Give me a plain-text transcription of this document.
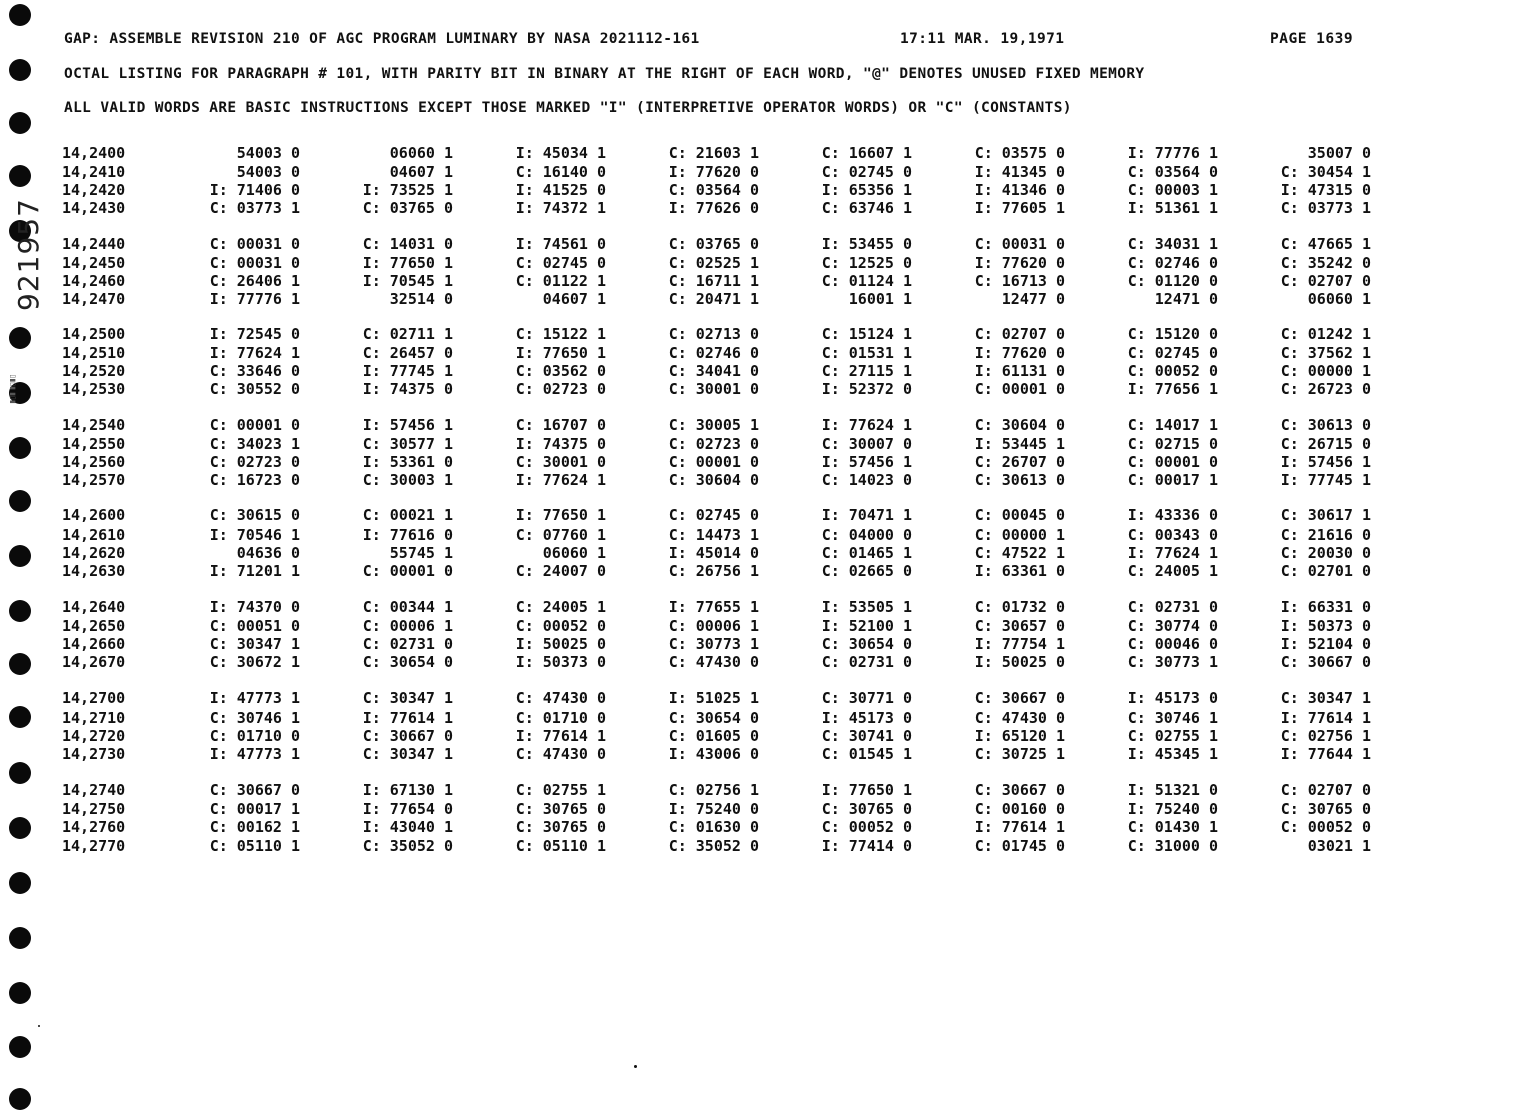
921957
▮▯▮ ▮▯▮▯
GAP: ASSEMBLE REVISION 210 OF AGC PROGRAM LUMINARY BY NASA 2021112-161	17:11 MAR. 19,1971	PAGE 1639
OCTAL LISTING FOR PARAGRAPH # 101, WITH PARITY BIT IN BINARY AT THE RIGHT OF EACH WORD, "@" DENOTES UNUSED FIXED MEMORY
ALL VALID WORDS ARE BASIC INSTRUCTIONS EXCEPT THOSE MARKED "I" (INTERPRETIVE OPERATOR WORDS) OR "C" (CONSTANTS)
14,2400	54003 0	06060 1	I: 45034 1	C: 21603 1	C: 16607 1	C: 03575 0	I: 77776 1	35007 0
14,2410	54003 0	04607 1	C: 16140 0	I: 77620 0	C: 02745 0	I: 41345 0	C: 03564 0	C: 30454 1
14,2420	I: 71406 0	I: 73525 1	I: 41525 0	C: 03564 0	I: 65356 1	I: 41346 0	C: 00003 1	I: 47315 0
14,2430	C: 03773 1	C: 03765 0	I: 74372 1	I: 77626 0	C: 63746 1	I: 77605 1	I: 51361 1	C: 03773 1
14,2440	C: 00031 0	C: 14031 0	I: 74561 0	C: 03765 0	I: 53455 0	C: 00031 0	C: 34031 1	C: 47665 1
14,2450	C: 00031 0	I: 77650 1	C: 02745 0	C: 02525 1	C: 12525 0	I: 77620 0	C: 02746 0	C: 35242 0
14,2460	C: 26406 1	I: 70545 1	C: 01122 1	C: 16711 1	C: 01124 1	C: 16713 0	C: 01120 0	C: 02707 0
14,2470	I: 77776 1	32514 0	04607 1	C: 20471 1	16001 1	12477 0	12471 0	06060 1
14,2500	I: 72545 0	C: 02711 1	C: 15122 1	C: 02713 0	C: 15124 1	C: 02707 0	C: 15120 0	C: 01242 1
14,2510	I: 77624 1	C: 26457 0	I: 77650 1	C: 02746 0	C: 01531 1	I: 77620 0	C: 02745 0	C: 37562 1
14,2520	C: 33646 0	I: 77745 1	C: 03562 0	C: 34041 0	C: 27115 1	I: 61131 0	C: 00052 0	C: 00000 1
14,2530	C: 30552 0	I: 74375 0	C: 02723 0	C: 30001 0	I: 52372 0	C: 00001 0	I: 77656 1	C: 26723 0
14,2540	C: 00001 0	I: 57456 1	C: 16707 0	C: 30005 1	I: 77624 1	C: 30604 0	C: 14017 1	C: 30613 0
14,2550	C: 34023 1	C: 30577 1	I: 74375 0	C: 02723 0	C: 30007 0	I: 53445 1	C: 02715 0	C: 26715 0
14,2560	C: 02723 0	I: 53361 0	C: 30001 0	C: 00001 0	I: 57456 1	C: 26707 0	C: 00001 0	I: 57456 1
14,2570	C: 16723 0	C: 30003 1	I: 77624 1	C: 30604 0	C: 14023 0	C: 30613 0	C: 00017 1	I: 77745 1
14,2600	C: 30615 0	C: 00021 1	I: 77650 1	C: 02745 0	I: 70471 1	C: 00045 0	I: 43336 0	C: 30617 1
14,2610	I: 70546 1	I: 77616 0	C: 07760 1	C: 14473 1	C: 04000 0	C: 00000 1	C: 00343 0	C: 21616 0
14,2620	04636 0	55745 1	06060 1	I: 45014 0	C: 01465 1	C: 47522 1	I: 77624 1	C: 20030 0
14,2630	I: 71201 1	C: 00001 0	C: 24007 0	C: 26756 1	C: 02665 0	I: 63361 0	C: 24005 1	C: 02701 0
14,2640	I: 74370 0	C: 00344 1	C: 24005 1	I: 77655 1	I: 53505 1	C: 01732 0	C: 02731 0	I: 66331 0
14,2650	C: 00051 0	C: 00006 1	C: 00052 0	C: 00006 1	I: 52100 1	C: 30657 0	C: 30774 0	I: 50373 0
14,2660	C: 30347 1	C: 02731 0	I: 50025 0	C: 30773 1	C: 30654 0	I: 77754 1	C: 00046 0	I: 52104 0
14,2670	C: 30672 1	C: 30654 0	I: 50373 0	C: 47430 0	C: 02731 0	I: 50025 0	C: 30773 1	C: 30667 0
14,2700	I: 47773 1	C: 30347 1	C: 47430 0	I: 51025 1	C: 30771 0	C: 30667 0	I: 45173 0	C: 30347 1
14,2710	C: 30746 1	I: 77614 1	C: 01710 0	C: 30654 0	I: 45173 0	C: 47430 0	C: 30746 1	I: 77614 1
14,2720	C: 01710 0	C: 30667 0	I: 77614 1	C: 01605 0	C: 30741 0	I: 65120 1	C: 02755 1	C: 02756 1
14,2730	I: 47773 1	C: 30347 1	C: 47430 0	I: 43006 0	C: 01545 1	C: 30725 1	I: 45345 1	I: 77644 1
14,2740	C: 30667 0	I: 67130 1	C: 02755 1	C: 02756 1	I: 77650 1	C: 30667 0	I: 51321 0	C: 02707 0
14,2750	C: 00017 1	I: 77654 0	C: 30765 0	I: 75240 0	C: 30765 0	C: 00160 0	I: 75240 0	C: 30765 0
14,2760	C: 00162 1	I: 43040 1	C: 30765 0	C: 01630 0	C: 00052 0	I: 77614 1	C: 01430 1	C: 00052 0
14,2770	C: 05110 1	C: 35052 0	C: 05110 1	C: 35052 0	I: 77414 0	C: 01745 0	C: 31000 0	03021 1
